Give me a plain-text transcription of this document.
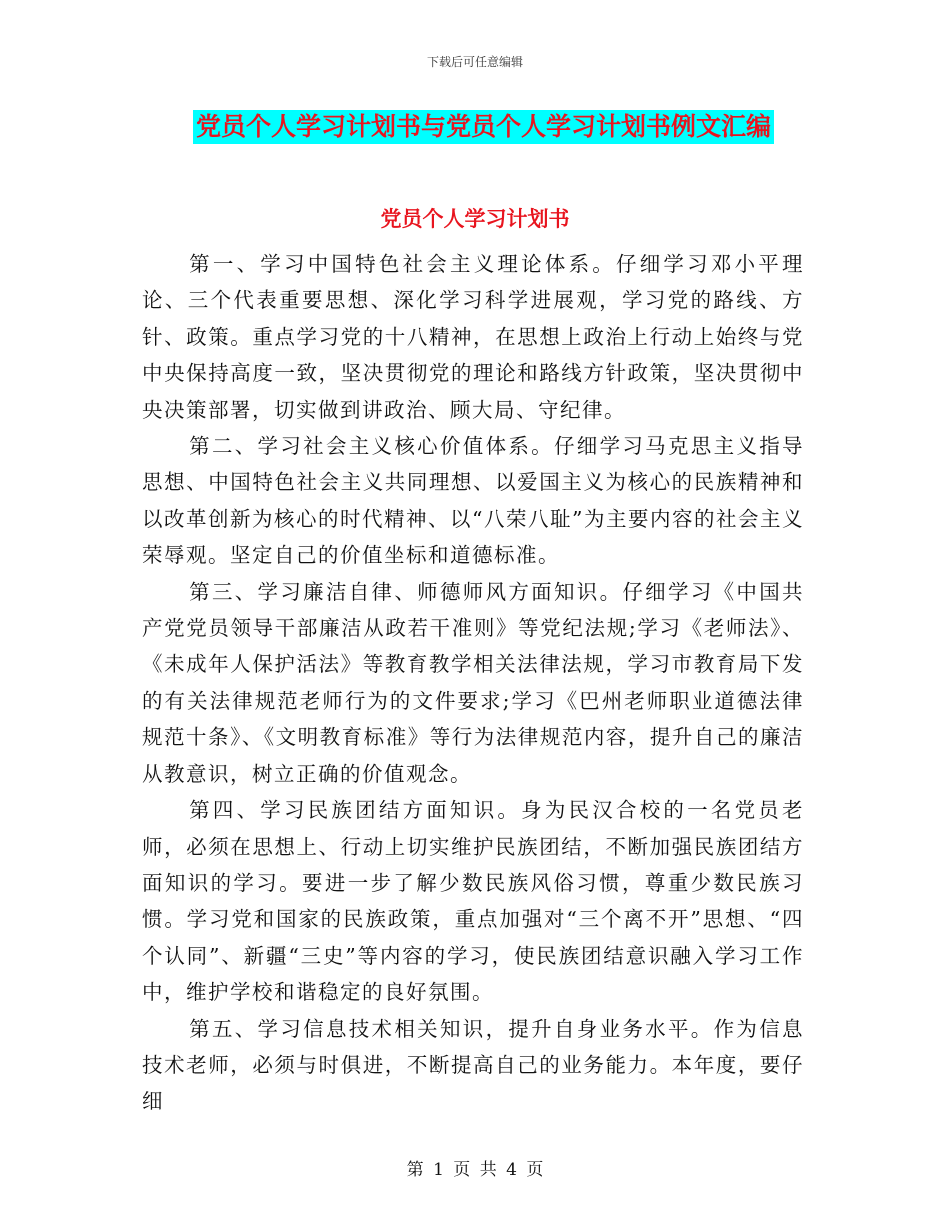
下载后可任意编辑
党员个人学习计划书与党员个人学习计划书例文汇编
党员个人学习计划书

第一、学习中国特色社会主义理论体系。仔细学习邓小平理论、三个代表重要思想、深化学习科学进展观，学习党的路线、方针、政策。重点学习党的十八精神，在思想上政治上行动上始终与党中央保持高度一致，坚决贯彻党的理论和路线方针政策，坚决贯彻中央决策部署，切实做到讲政治、顾大局、守纪律。

第二、学习社会主义核心价值体系。仔细学习马克思主义指导思想、中国特色社会主义共同理想、以爱国主义为核心的民族精神和以改革创新为核心的时代精神、以“八荣八耻”为主要内容的社会主义荣辱观。坚定自己的价值坐标和道德标准。

第三、学习廉洁自律、师德师风方面知识。仔细学习《中国共产党党员领导干部廉洁从政若干准则》等党纪法规;学习《老师法》、《未成年人保护活法》等教育教学相关法律法规，学习市教育局下发的有关法律规范老师行为的文件要求;学习《巴州老师职业道德法律规范十条》、《文明教育标准》等行为法律规范内容，提升自己的廉洁从教意识，树立正确的价值观念。

第四、学习民族团结方面知识。身为民汉合校的一名党员老师，必须在思想上、行动上切实维护民族团结，不断加强民族团结方面知识的学习。要进一步了解少数民族风俗习惯，尊重少数民族习惯。学习党和国家的民族政策，重点加强对“三个离不开”思想、“四个认同”、新疆“三史”等内容的学习，使民族团结意识融入学习工作中，维护学校和谐稳定的良好氛围。

第五、学习信息技术相关知识，提升自身业务水平。作为信息技术老师，必须与时俱进，不断提高自己的业务能力。本年度，要仔细

第 1 页 共 4 页
